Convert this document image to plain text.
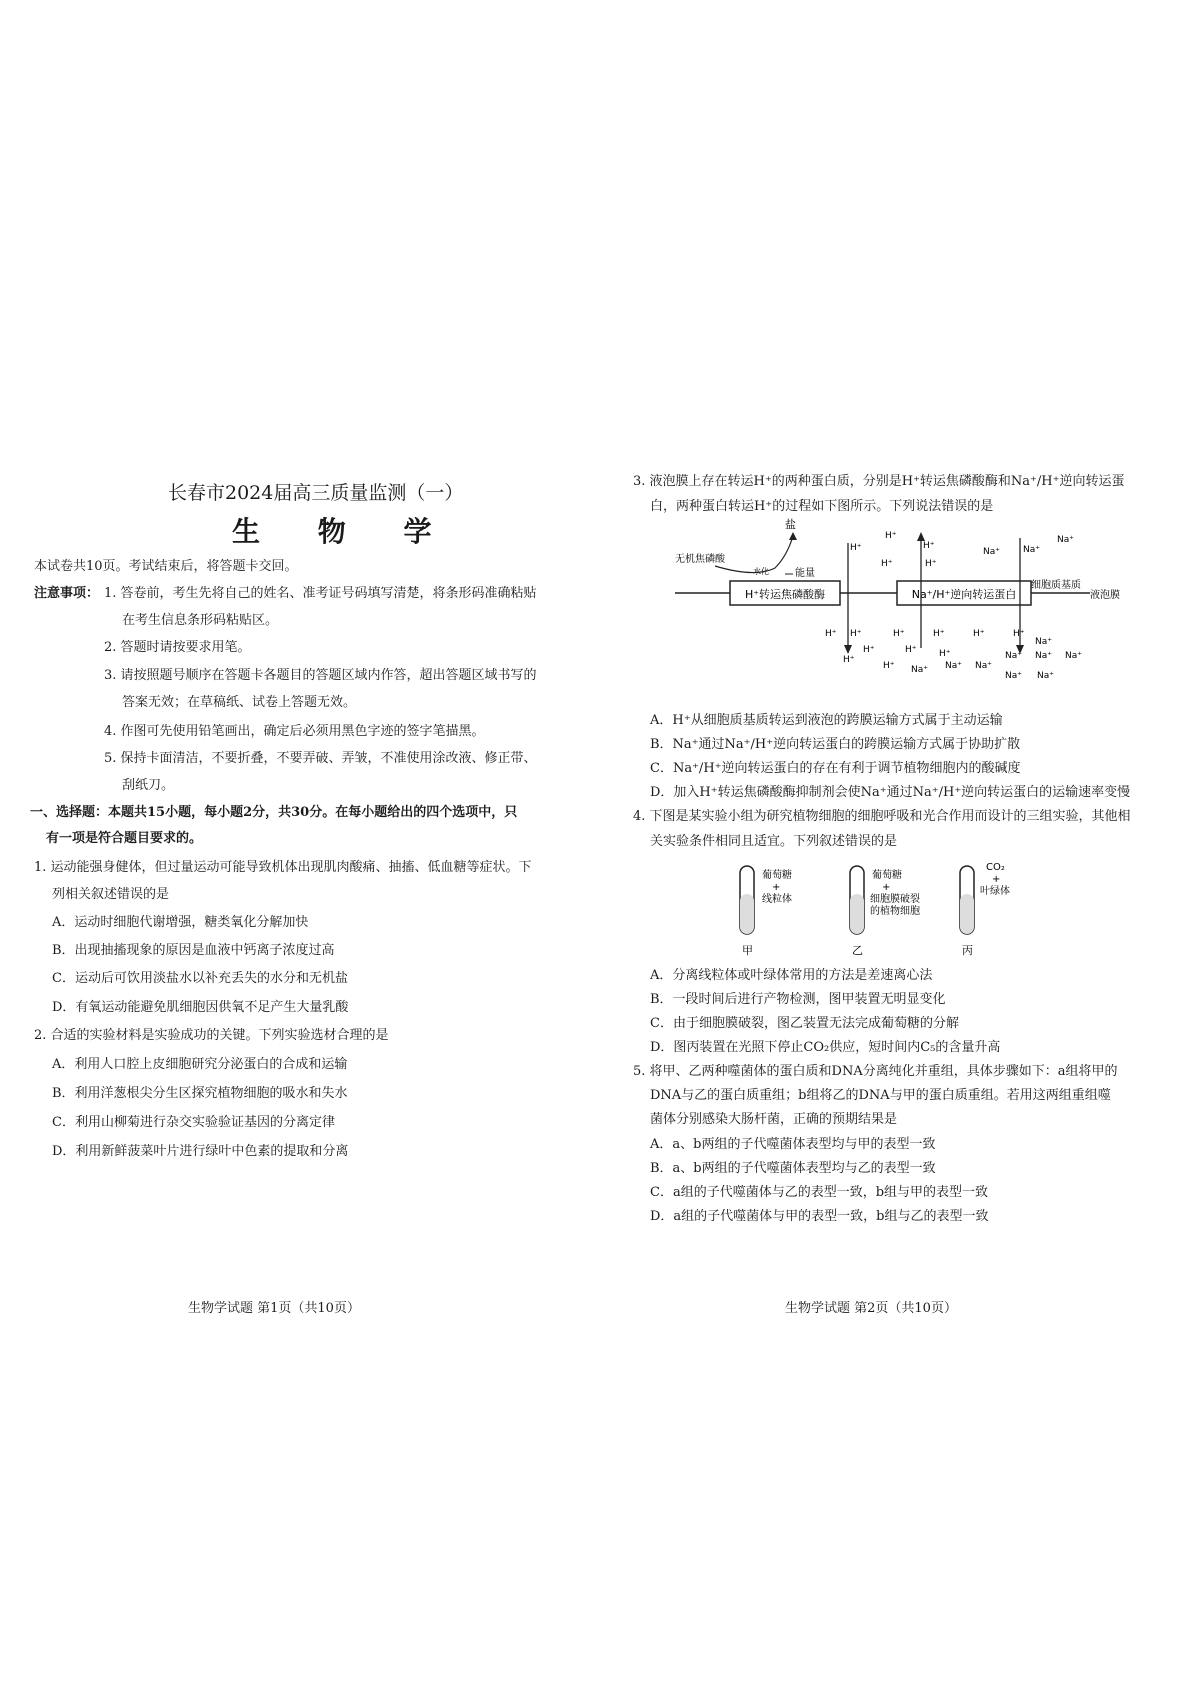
长春市2024届高三质量监测（一）
生 物 学
本试卷共10页。考试结束后，将答题卡交回。
注意事项： 1. 答卷前，考生先将自己的姓名、准考证号码填写清楚，将条形码准确粘贴
在考生信息条形码粘贴区。
2. 答题时请按要求用笔。
3. 请按照题号顺序在答题卡各题目的答题区域内作答，超出答题区域书写的
答案无效；在草稿纸、试卷上答题无效。
4. 作图可先使用铅笔画出，确定后必须用黑色字迹的签字笔描黑。
5. 保持卡面清洁，不要折叠，不要弄破、弄皱，不准使用涂改液、修正带、
刮纸刀。
一、选择题：本题共15小题，每小题2分，共30分。在每小题给出的四个选项中，只
有一项是符合题目要求的。
1. 运动能强身健体，但过量运动可能导致机体出现肌肉酸痛、抽搐、低血糖等症状。下
列相关叙述错误的是
A．运动时细胞代谢增强，糖类氧化分解加快
B．出现抽搐现象的原因是血液中钙离子浓度过高
C．运动后可饮用淡盐水以补充丢失的水分和无机盐
D．有氧运动能避免肌细胞因供氧不足产生大量乳酸
2. 合适的实验材料是实验成功的关键。下列实验选材合理的是
A．利用人口腔上皮细胞研究分泌蛋白的合成和运输
B．利用洋葱根尖分生区探究植物细胞的吸水和失水
C．利用山柳菊进行杂交实验验证基因的分离定律
D．利用新鲜菠菜叶片进行绿叶中色素的提取和分离
生物学试题 第1页（共10页）
3. 液泡膜上存在转运H⁺的两种蛋白质，分别是H⁺转运焦磷酸酶和Na⁺/H⁺逆向转运蛋
白，两种蛋白转运H⁺的过程如下图所示。下列说法错误的是
H⁺转运焦磷酸酶	Na⁺/H⁺逆向转运蛋白
无机焦磷酸
盐
水化	能量
细胞质基质
液泡膜
H⁺
H⁺
H⁺
H⁺
H⁺
Na⁺	Na⁺
Na⁺
H⁺ H⁺	H⁺	H⁺	H⁺	H⁺
H⁺	H⁺ H⁺
Na⁺
Na⁺ Na⁺
Na⁺ Na⁺ Na⁺
Na⁺ Na⁺
H⁺
H⁺ Na⁺
A．H⁺从细胞质基质转运到液泡的跨膜运输方式属于主动运输
B．Na⁺通过Na⁺/H⁺逆向转运蛋白的跨膜运输方式属于协助扩散
C．Na⁺/H⁺逆向转运蛋白的存在有利于调节植物细胞内的酸碱度
D．加入H⁺转运焦磷酸酶抑制剂会使Na⁺通过Na⁺/H⁺逆向转运蛋白的运输速率变慢
4. 下图是某实验小组为研究植物细胞的细胞呼吸和光合作用而设计的三组实验，其他相
关实验条件相同且适宜。下列叙述错误的是
葡萄糖
+
线粒体
甲
葡萄糖
+
细胞膜破裂
的植物细胞
乙
CO₂
+
叶绿体
丙
A．分离线粒体或叶绿体常用的方法是差速离心法
B．一段时间后进行产物检测，图甲装置无明显变化
C．由于细胞膜破裂，图乙装置无法完成葡萄糖的分解
D．图丙装置在光照下停止CO₂供应，短时间内C₅的含量升高
5. 将甲、乙两种噬菌体的蛋白质和DNA分离纯化并重组，具体步骤如下：a组将甲的
DNA与乙的蛋白质重组；b组将乙的DNA与甲的蛋白质重组。若用这两组重组噬
菌体分别感染大肠杆菌，正确的预期结果是
A．a、b两组的子代噬菌体表型均与甲的表型一致
B．a、b两组的子代噬菌体表型均与乙的表型一致
C．a组的子代噬菌体与乙的表型一致，b组与甲的表型一致
D．a组的子代噬菌体与甲的表型一致，b组与乙的表型一致
生物学试题 第2页（共10页）
